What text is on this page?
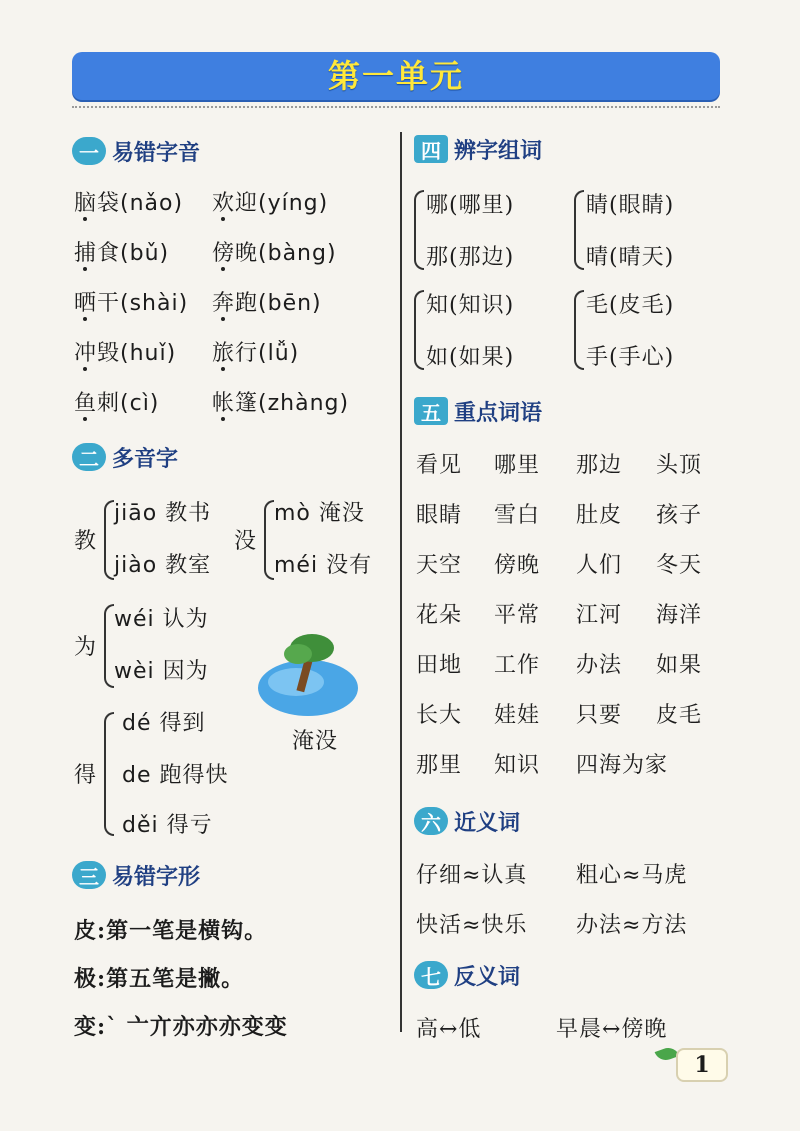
第一单元
一 易错字音
脑袋(nǎo) 欢迎(yíng)
捕食(bǔ) 傍晚(bàng)
晒干(shài) 奔跑(bēn)
冲毁(huǐ) 旅行(lǚ)
鱼刺(cì) 帐篷(zhàng)
二 多音字
教
jiāo 教书
jiào 教室
没
mò 淹没
méi 没有
为
wéi 认为
wèi 因为
得
dé 得到
de 跑得快
děi 得亏
淹没
三 易错字形
皮:第一笔是横钩。
极:第五笔是撇。
变:` 亠亣亦亦亦变变
四 辨字组词
哪(哪里)
那(那边)
睛(眼睛)
晴(晴天)
知(知识)
如(如果)
毛(皮毛)
手(手心)
五 重点词语
看见 哪里 那边 头顶
眼睛 雪白 肚皮 孩子
天空 傍晚 人们 冬天
花朵 平常 江河 海洋
田地 工作 办法 如果
长大 娃娃 只要 皮毛
那里 知识 四海为家
六 近义词
仔细≈认真 粗心≈马虎
快活≈快乐 办法≈方法
七 反义词
高↔低	早晨↔傍晚
1
